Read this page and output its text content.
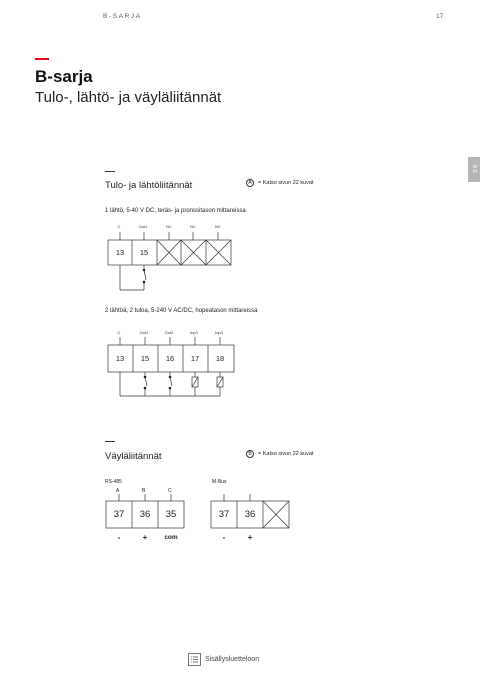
B-SARJA	17
B-sarja
Tulo-, lähtö- ja väyläliitännät
B E
Tulo- ja lähtöliitännät	A	= Katso sivun 22 kuvat
1 lähtö, 5-40 V DC, teräs- ja pronssitason mittareissa
C	Out1	NC	NC	NC
13	15
2 lähtöä, 2 tuloa, 5-240 V AC/DC, hopeatason mittareissa
C	Out1	Out2	Inp3	Inp4
13	15	16	17	18
Väyläliitännät	B	= Katso sivun 22 kuvat
RS-485
A	B	C
37	36	35
-	+	com
M-Bus
37	36
-	+
Sisällysluetteloon
